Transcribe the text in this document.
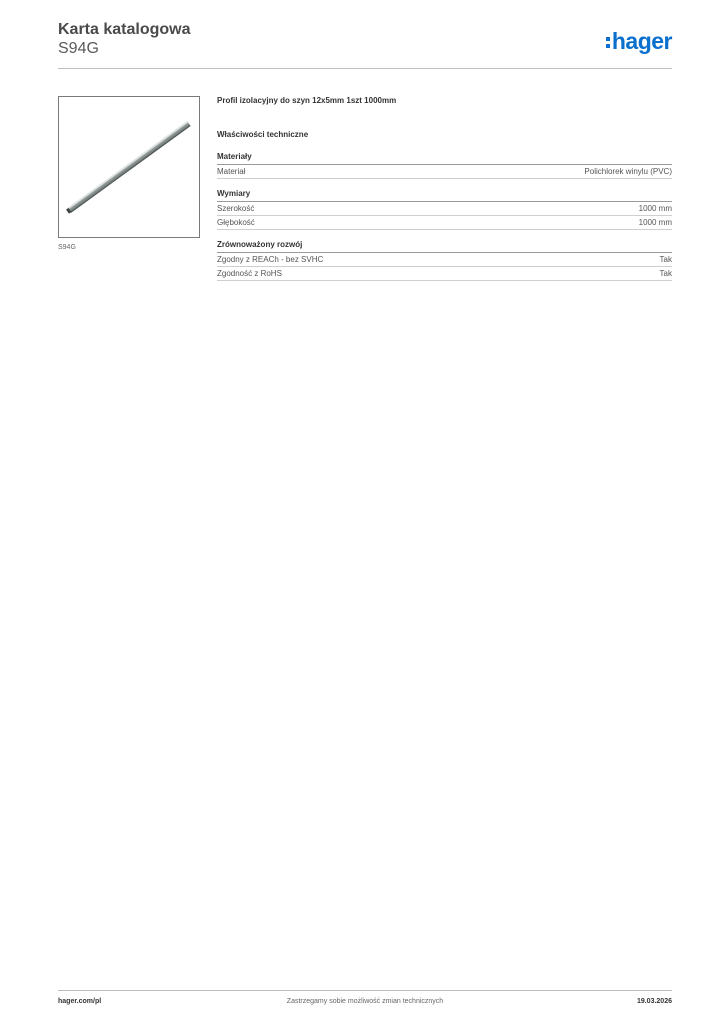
Karta katalogowa
S94G	hager
S94G
Profil izolacyjny do szyn 12x5mm 1szt 1000mm
Właściwości techniczne
Materiały
Materiał	Polichlorek winylu (PVC)
Wymiary
Szerokość	1000 mm
Głębokość	1000 mm
Zrównoważony rozwój
Zgodny z REACh - bez SVHC	Tak
Zgodność z RoHS	Tak
hager.com/pl	Zastrzegamy sobie możliwość zmian technicznych	19.03.2026
